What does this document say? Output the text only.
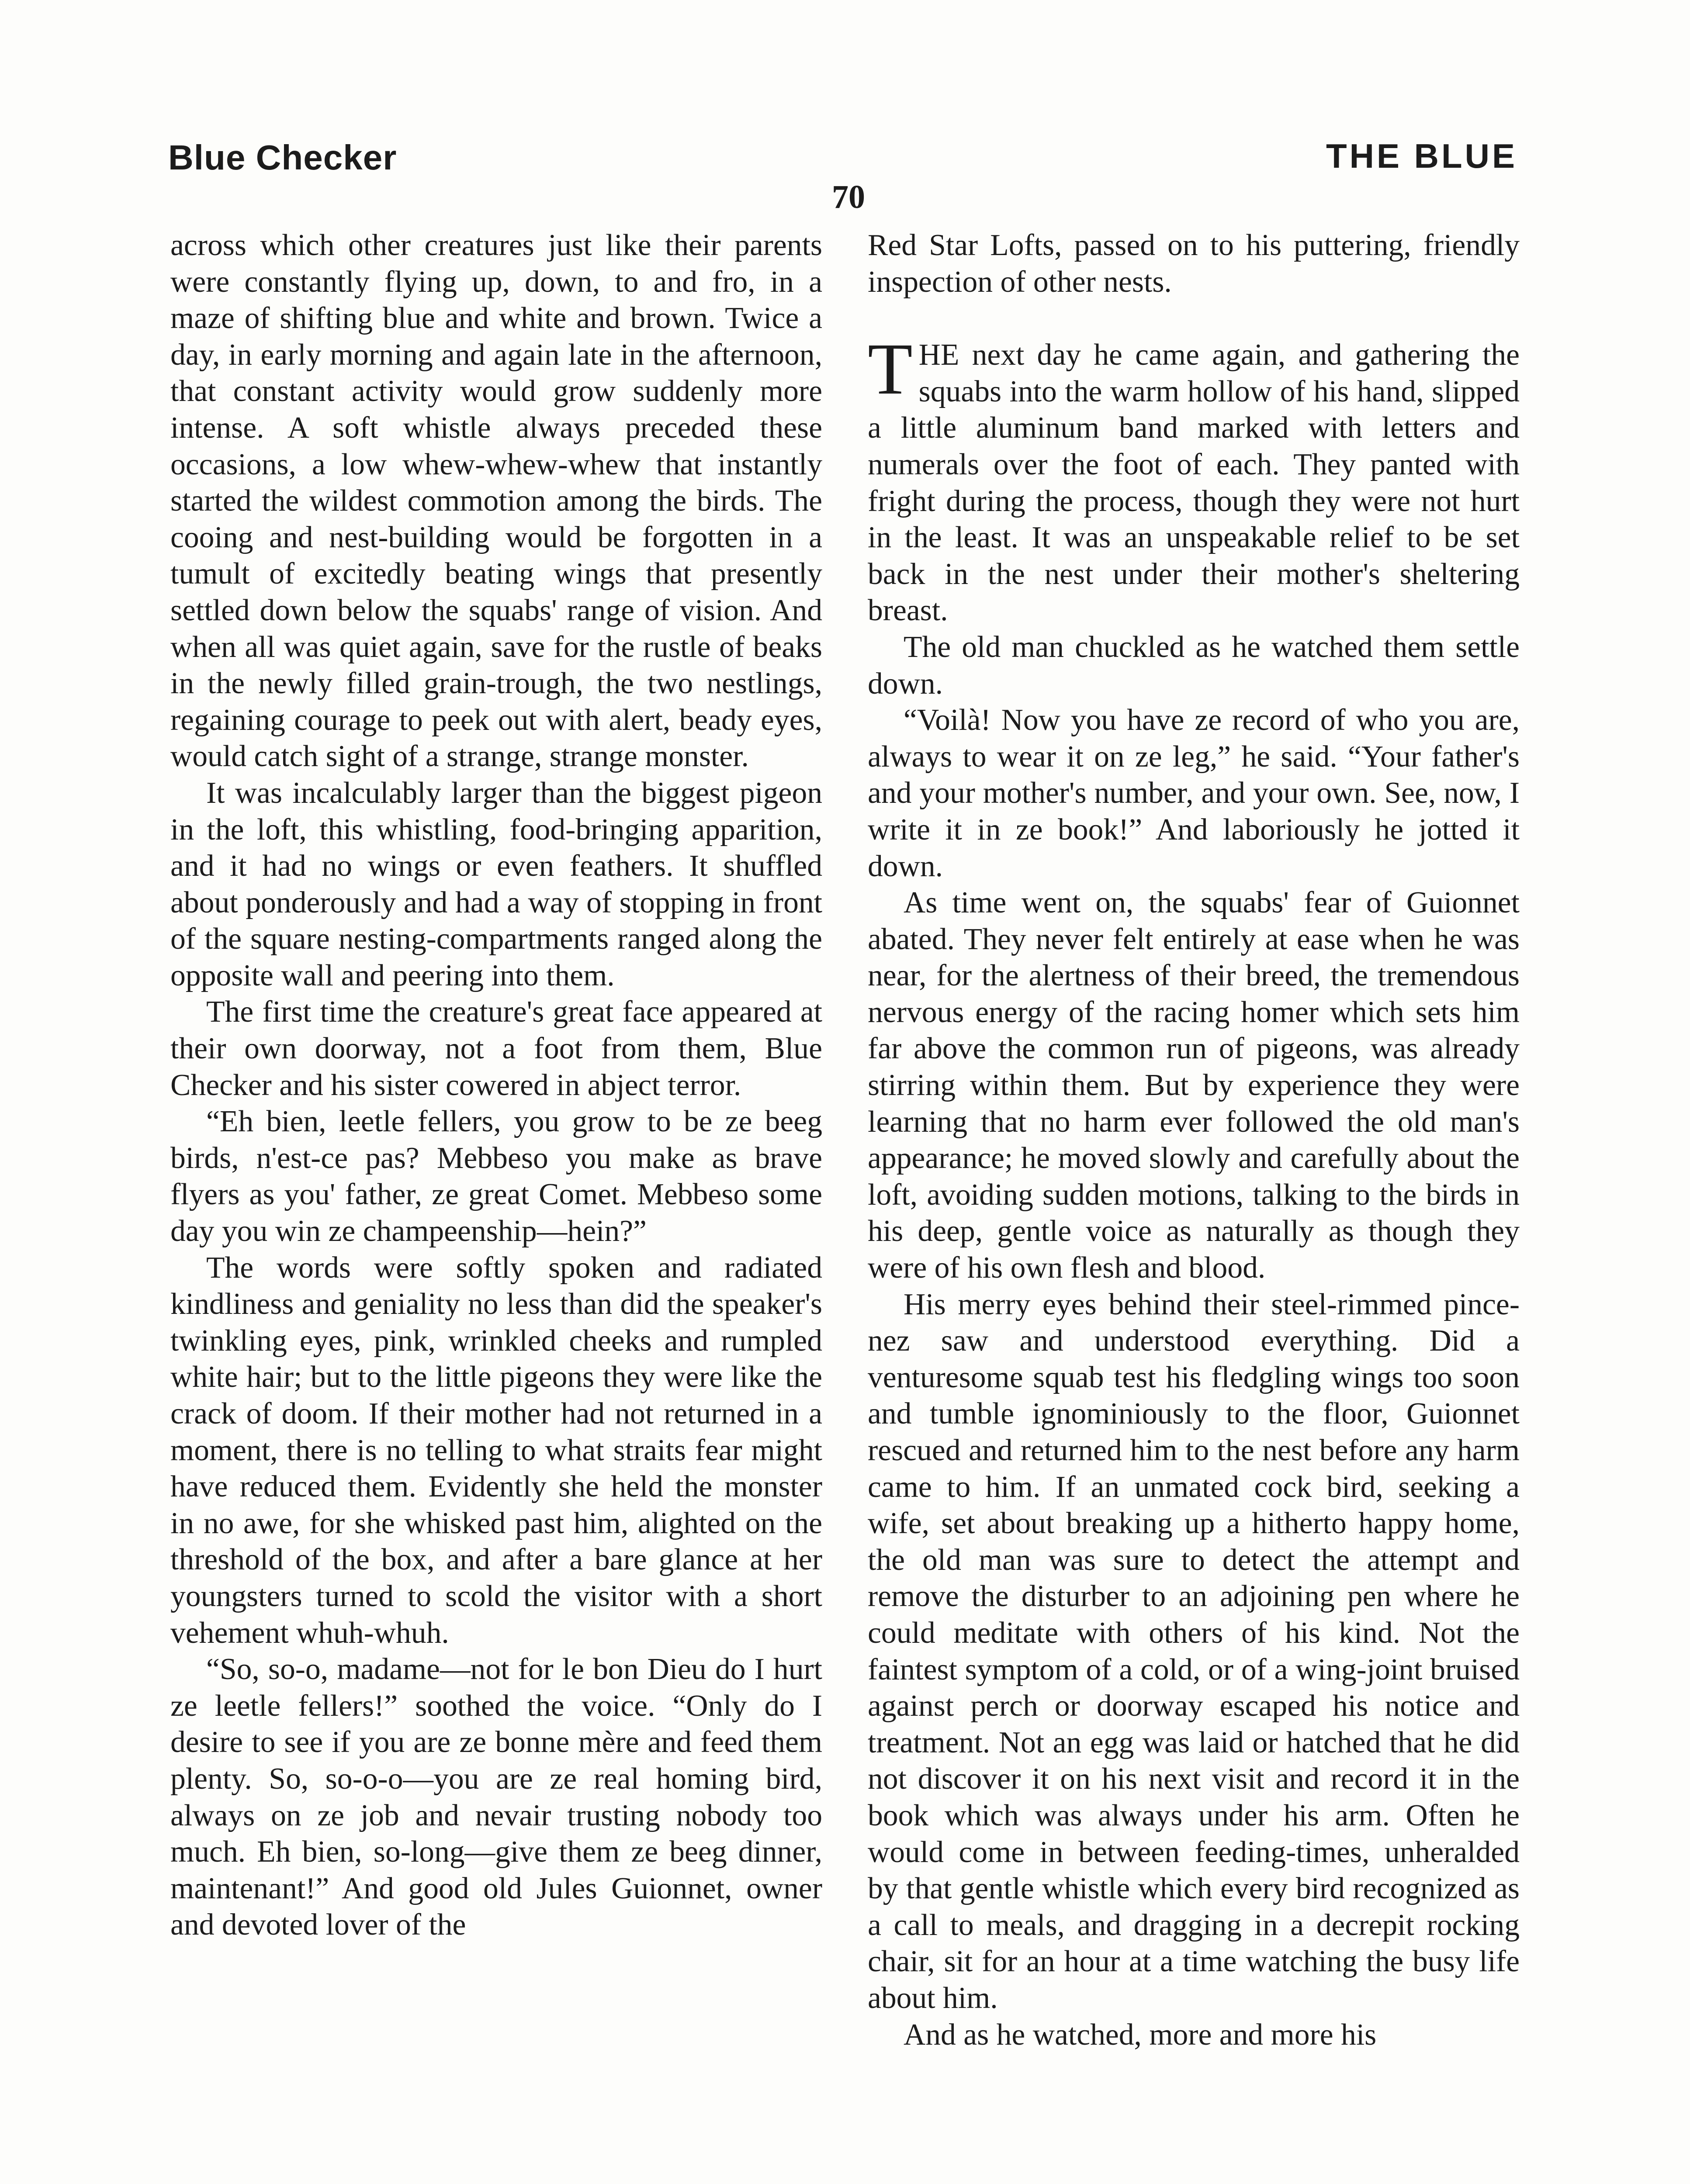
Blue Checker	THE BLUE
70

across which other creatures just like their parents were constantly flying up, down, to and fro, in a maze of shifting blue and white and brown. Twice a day, in early morning and again late in the afternoon, that constant activity would grow suddenly more intense. A soft whistle always preceded these occasions, a low whew-whew-whew that instantly started the wildest commotion among the birds. The cooing and nest-building would be forgotten in a tumult of excitedly beating wings that presently settled down below the squabs' range of vision. And when all was quiet again, save for the rustle of beaks in the newly filled grain-trough, the two nestlings, regaining courage to peek out with alert, beady eyes, would catch sight of a strange, strange monster.

It was incalculably larger than the biggest pigeon in the loft, this whistling, food-bringing apparition, and it had no wings or even feathers. It shuffled about ponderously and had a way of stopping in front of the square nesting-compartments ranged along the opposite wall and peering into them.

The first time the creature's great face appeared at their own doorway, not a foot from them, Blue Checker and his sister cowered in abject terror.

“Eh bien, leetle fellers, you grow to be ze beeg birds, n'est-ce pas? Mebbeso you make as brave flyers as you' father, ze great Comet. Mebbeso some day you win ze champeenship—hein?”

The words were softly spoken and radiated kindliness and geniality no less than did the speaker's twinkling eyes, pink, wrinkled cheeks and rumpled white hair; but to the little pigeons they were like the crack of doom. If their mother had not returned in a moment, there is no telling to what straits fear might have reduced them. Evidently she held the monster in no awe, for she whisked past him, alighted on the threshold of the box, and after a bare glance at her youngsters turned to scold the visitor with a short vehement whuh-whuh.

“So, so-o, madame—not for le bon Dieu do I hurt ze leetle fellers!” soothed the voice. “Only do I desire to see if you are ze bonne mère and feed them plenty. So, so-o-o—you are ze real homing bird, always on ze job and nevair trusting nobody too much. Eh bien, so-long—give them ze beeg dinner, maintenant!” And good old Jules Guionnet, owner and devoted lover of the

Red Star Lofts, passed on to his puttering, friendly inspection of other nests.

THE next day he came again, and gathering the squabs into the warm hollow of his hand, slipped a little aluminum band marked with letters and numerals over the foot of each. They panted with fright during the process, though they were not hurt in the least. It was an unspeakable relief to be set back in the nest under their mother's sheltering breast.

The old man chuckled as he watched them settle down.

“Voilà! Now you have ze record of who you are, always to wear it on ze leg,” he said. “Your father's and your mother's number, and your own. See, now, I write it in ze book!” And laboriously he jotted it down.

As time went on, the squabs' fear of Guionnet abated. They never felt entirely at ease when he was near, for the alertness of their breed, the tremendous nervous energy of the racing homer which sets him far above the common run of pigeons, was already stirring within them. But by experience they were learning that no harm ever followed the old man's appearance; he moved slowly and carefully about the loft, avoiding sudden motions, talking to the birds in his deep, gentle voice as naturally as though they were of his own flesh and blood.

His merry eyes behind their steel-rimmed pince-nez saw and understood everything. Did a venturesome squab test his fledgling wings too soon and tumble ignominiously to the floor, Guionnet rescued and returned him to the nest before any harm came to him. If an unmated cock bird, seeking a wife, set about breaking up a hitherto happy home, the old man was sure to detect the attempt and remove the disturber to an adjoining pen where he could meditate with others of his kind. Not the faintest symptom of a cold, or of a wing-joint bruised against perch or doorway escaped his notice and treatment. Not an egg was laid or hatched that he did not discover it on his next visit and record it in the book which was always under his arm. Often he would come in between feeding-times, unheralded by that gentle whistle which every bird recognized as a call to meals, and dragging in a decrepit rocking chair, sit for an hour at a time watching the busy life about him.

And as he watched, more and more his
